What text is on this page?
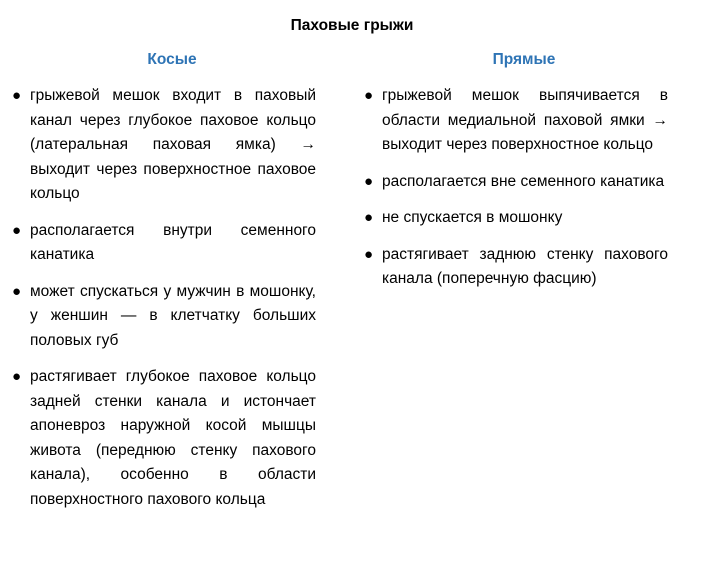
Паховые грыжи
Косые
● грыжевой мешок входит в паховый канал через глубокое паховое кольцо (латеральная паховая ямка) → выходит через поверхностное паховое кольцо
● располагается внутри семенного канатика
● может спускаться у мужчин в мошонку, у женшин — в клетчатку больших половых губ
● растягивает глубокое паховое кольцо задней стенки канала и истончает апоневроз наружной косой мышцы живота (переднюю стенку пахового канала), особенно в области поверхностного пахового кольца
Прямые
● грыжевой мешок выпячивается в области медиальной паховой ямки → выходит через поверхностное кольцо
● располагается вне семенного канатика
● не спускается в мошонку
● растягивает заднюю стенку пахового канала (поперечную фасцию)
